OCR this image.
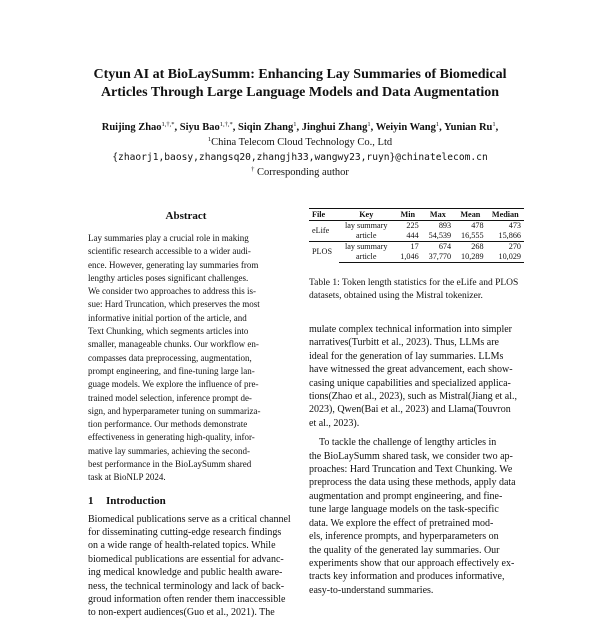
Ctyun AI at BioLaySumm: Enhancing Lay Summaries of Biomedical
Articles Through Large Language Models and Data Augmentation
Ruijing Zhao$^{1,\dagger,*}$, Siyu Bao$^{1,\dagger,*}$, Siqin Zhang$^1$, Jinghui Zhang$^1$, Weiyin Wang$^1$, Yunian Ru$^1$,
$^1$China Telecom Cloud Technology Co., Ltd
{zhaorj1,baosy,zhangsq20,zhangjh33,wangwy23,ruyn}@chinatelecom.cn
† Corresponding author
Abstract
Lay summaries play a crucial role in making
scientific research accessible to a wider audi-
ence. However, generating lay summaries from
lengthy articles poses significant challenges.
We consider two approaches to address this is-
sue: Hard Truncation, which preserves the most
informative initial portion of the article, and
Text Chunking, which segments articles into
smaller, manageable chunks. Our workflow en-
compasses data preprocessing, augmentation,
prompt engineering, and fine-tuning large lan-
guage models. We explore the influence of pre-
trained model selection, inference prompt de-
sign, and hyperparameter tuning on summariza-
tion performance. Our methods demonstrate
effectiveness in generating high-quality, infor-
mative lay summaries, achieving the second-
best performance in the BioLaySumm shared
task at BioNLP 2024.
1 Introduction
Biomedical publications serve as a critical channel
for disseminating cutting-edge research findings
on a wide range of health-related topics. While
biomedical publications are essential for advanc-
ing medical knowledge and public health aware-
ness, the technical terminology and lack of back-
groud information often render them inaccessible
to non-expert audiences(Guo et al., 2021). The
File	Key	Min	Max	Mean	Median
eLife	lay summary	225	893	478	473
	article	444	54,539	16,555	15,866
PLOS	lay summary	17	674	268	270
	article	1,046	37,770	10,289	10,029
Table 1: Token length statistics for the eLife and PLOS
datasets, obtained using the Mistral tokenizer.
mulate complex technical information into simpler
narratives(Turbitt et al., 2023). Thus, LLMs are
ideal for the generation of lay summaries. LLMs
have witnessed the great advancement, each show-
casing unique capabilities and specialized applica-
tions(Zhao et al., 2023), such as Mistral(Jiang et al.,
2023), Qwen(Bai et al., 2023) and Llama(Touvron
et al., 2023).
To tackle the challenge of lengthy articles in
the BioLaySumm shared task, we consider two ap-
proaches: Hard Truncation and Text Chunking. We
preprocess the data using these methods, apply data
augmentation and prompt engineering, and fine-
tune large language models on the task-specific
data. We explore the effect of pretrained mod-
els, inference prompts, and hyperparameters on
the quality of the generated lay summaries. Our
experiments show that our approach effectively ex-
tracts key information and produces informative,
easy-to-understand summaries.
